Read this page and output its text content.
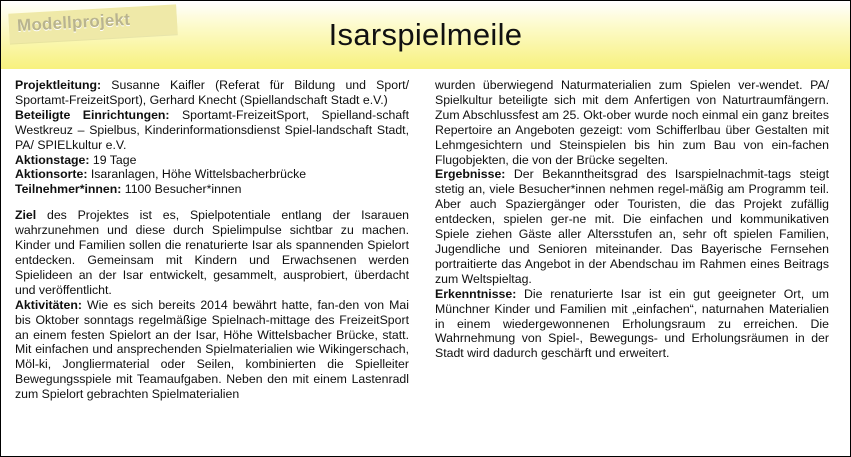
Modellprojekt	Isarspielmeile

Projektleitung: Susanne Kaifler (Referat für Bildung und Sport/ Sportamt-FreizeitSport), Gerhard Knecht (Spiellandschaft Stadt e.V.)

Beteiligte Einrichtungen: Sportamt-FreizeitSport, Spielland-schaft Westkreuz – Spielbus, Kinderinformationsdienst Spiel-landschaft Stadt, PA/ SPIELkultur e.V.

Aktionstage: 19 Tage

Aktionsorte: Isaranlagen, Höhe Wittelsbacherbrücke

Teilnehmer*innen: 1100 Besucher*innen

Ziel des Projektes ist es, Spielpotentiale entlang der Isarauen wahrzunehmen und diese durch Spielimpulse sichtbar zu machen. Kinder und Familien sollen die renaturierte Isar als spannenden Spielort entdecken. Gemeinsam mit Kindern und Erwachsenen werden Spielideen an der Isar entwickelt, gesammelt, ausprobiert, überdacht und veröffentlicht.

Aktivitäten: Wie es sich bereits 2014 bewährt hatte, fan-den von Mai bis Oktober sonntags regelmäßige Spielnach-mittage des FreizeitSport an einem festen Spielort an der Isar, Höhe Wittelsbacher Brücke, statt. Mit einfachen und ansprechenden Spielmaterialien wie Wikingerschach, Möl-ki, Jongliermaterial oder Seilen, kombinierten die Spielleiter Bewegungsspiele mit Teamaufgaben. Neben den mit einem Lastenradl zum Spielort gebrachten Spielmaterialien

wurden überwiegend Naturmaterialien zum Spielen ver-wendet. PA/ Spielkultur beteiligte sich mit dem Anfertigen von Naturtraumfängern. Zum Abschlussfest am 25. Okt-ober wurde noch einmal ein ganz breites Repertoire an Angeboten gezeigt: vom Schifferlbau über Gestalten mit Lehmgesichtern und Steinspielen bis hin zum Bau von ein-fachen Flugobjekten, die von der Brücke segelten.

Ergebnisse: Der Bekanntheitsgrad des Isarspielnachmit-tags steigt stetig an, viele Besucher*innen nehmen regel-mäßig am Programm teil. Aber auch Spaziergänger oder Touristen, die das Projekt zufällig entdecken, spielen ger-ne mit. Die einfachen und kommunikativen Spiele ziehen Gäste aller Altersstufen an, sehr oft spielen Familien, Jugendliche und Senioren miteinander. Das Bayerische Fernsehen portraitierte das Angebot in der Abendschau im Rahmen eines Beitrags zum Weltspieltag.

Erkenntnisse: Die renaturierte Isar ist ein gut geeigneter Ort, um Münchner Kinder und Familien mit „einfachen“, naturnahen Materialien in einem wiedergewonnenen Erholungsraum zu erreichen. Die Wahrnehmung von Spiel-, Bewegungs- und Erholungsräumen in der Stadt wird dadurch geschärft und erweitert.
